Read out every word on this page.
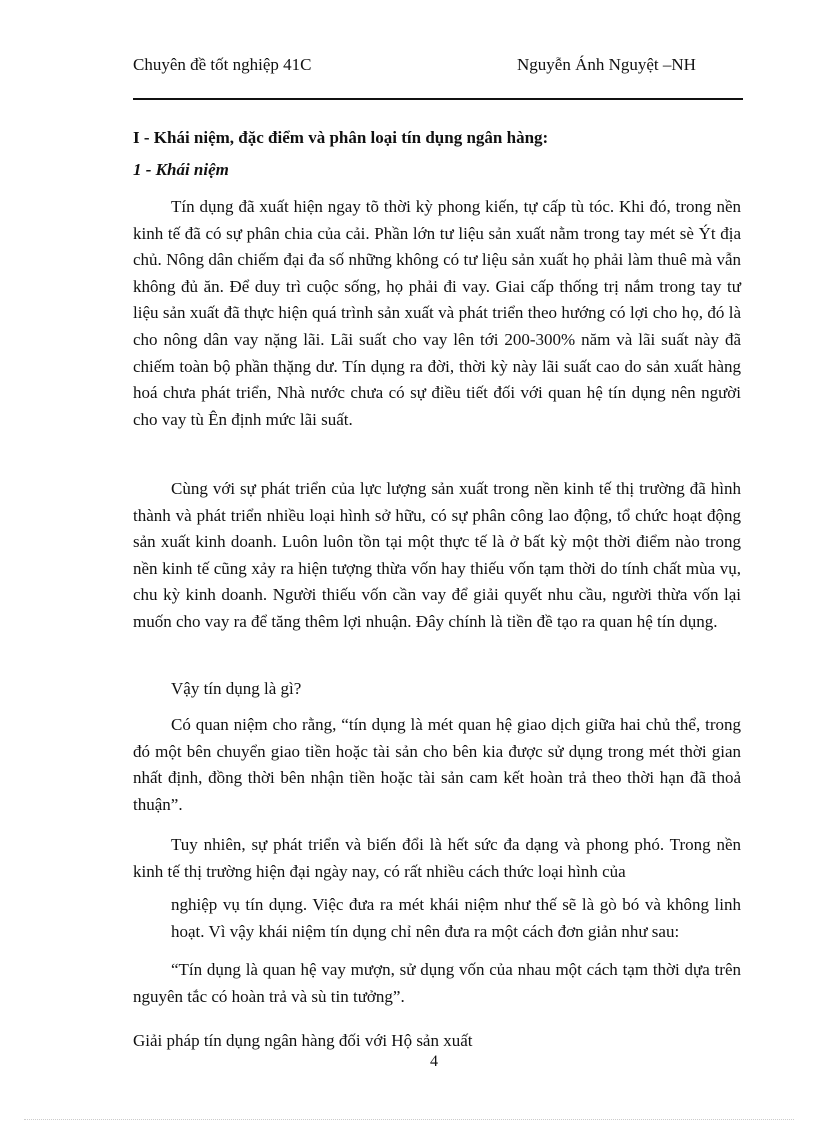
Chuyên đề tốt nghiệp 41C	Nguyễn Ánh Nguyệt –NH
I - Khái niệm, đặc điểm và phân loại tín dụng ngân hàng:
1 - Khái niệm

Tín dụng đã xuất hiện ngay tõ thời kỳ phong kiến, tự cấp tù tóc. Khi đó, trong nền kinh tế đã có sự phân chia của cải. Phần lớn tư liệu sản xuất nằm trong tay mét sè Ýt địa chủ. Nông dân chiếm đại đa số những không có tư liệu sản xuất họ phải làm thuê mà vẫn không đủ ăn. Để duy trì cuộc sống, họ phải đi vay. Giai cấp thống trị nắm trong tay tư liệu sản xuất đã thực hiện quá trình sản xuất và phát triển theo hướng có lợi cho họ, đó là cho nông dân vay nặng lãi. Lãi suất cho vay lên tới 200-300% năm và lãi suất này đã chiếm toàn bộ phần thặng dư. Tín dụng ra đời, thời kỳ này lãi suất cao do sản xuất hàng hoá chưa phát triển, Nhà nước chưa có sự điều tiết đối với quan hệ tín dụng nên người cho vay tù Ên định mức lãi suất.

Cùng với sự phát triển của lực lượng sản xuất trong nền kinh tế thị trường đã hình thành và phát triển nhiều loại hình sở hữu, có sự phân công lao động, tổ chức hoạt động sản xuất kinh doanh. Luôn luôn tồn tại một thực tế là ở bất kỳ một thời điểm nào trong nền kinh tế cũng xảy ra hiện tượng thừa vốn hay thiếu vốn tạm thời do tính chất mùa vụ, chu kỳ kinh doanh. Người thiếu vốn cần vay để giải quyết nhu cầu, người thừa vốn lại muốn cho vay ra để tăng thêm lợi nhuận. Đây chính là tiền đề tạo ra quan hệ tín dụng.

Vậy tín dụng là gì?

Có quan niệm cho rằng, “tín dụng là mét quan hệ giao dịch giữa hai chủ thể, trong đó một bên chuyển giao tiền hoặc tài sản cho bên kia được sử dụng trong mét thời gian nhất định, đồng thời bên nhận tiền hoặc tài sản cam kết hoàn trả theo thời hạn đã thoả thuận”.

Tuy nhiên, sự phát triển và biến đổi là hết sức đa dạng và phong phó. Trong nền kinh tế thị trường hiện đại ngày nay, có rất nhiều cách thức loại hình của

nghiệp vụ tín dụng. Việc đưa ra mét khái niệm như thế sẽ là gò bó và không linh hoạt. Vì vậy khái niệm tín dụng chỉ nên đưa ra một cách đơn giản như sau:

“Tín dụng là quan hệ vay mượn, sử dụng vốn của nhau một cách tạm thời dựa trên nguyên tắc có hoàn trả và sù tin tưởng”.

Giải pháp tín dụng ngân hàng đối với Hộ sản xuất
4
